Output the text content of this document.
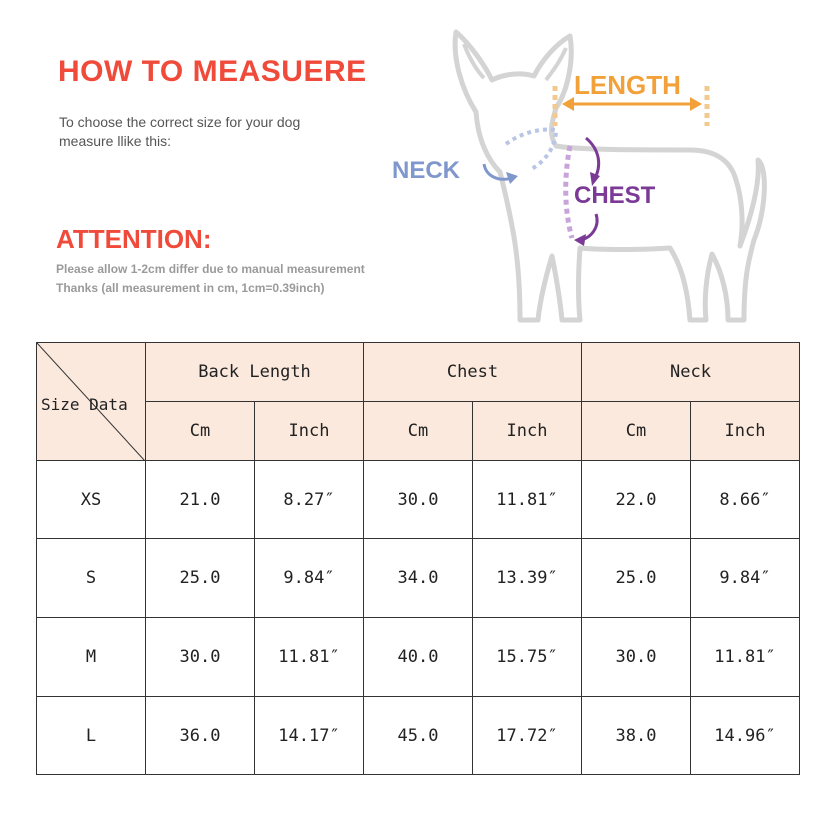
HOW TO MEASUERE
To choose the correct size for your dog
measure llike this:
ATTENTION:
Please allow 1-2cm differ due to manual measurement
Thanks (all measurement in cm, 1cm=0.39inch)
LENGTH
NECK
CHEST
Size Data	Back Length		Chest		Neck	
	Cm	Inch	Cm	Inch	Cm	Inch
XS	21.0	8.27″	30.0	11.81″	22.0	8.66″
S	25.0	9.84″	34.0	13.39″	25.0	9.84″
M	30.0	11.81″	40.0	15.75″	30.0	11.81″
L	36.0	14.17″	45.0	17.72″	38.0	14.96″
